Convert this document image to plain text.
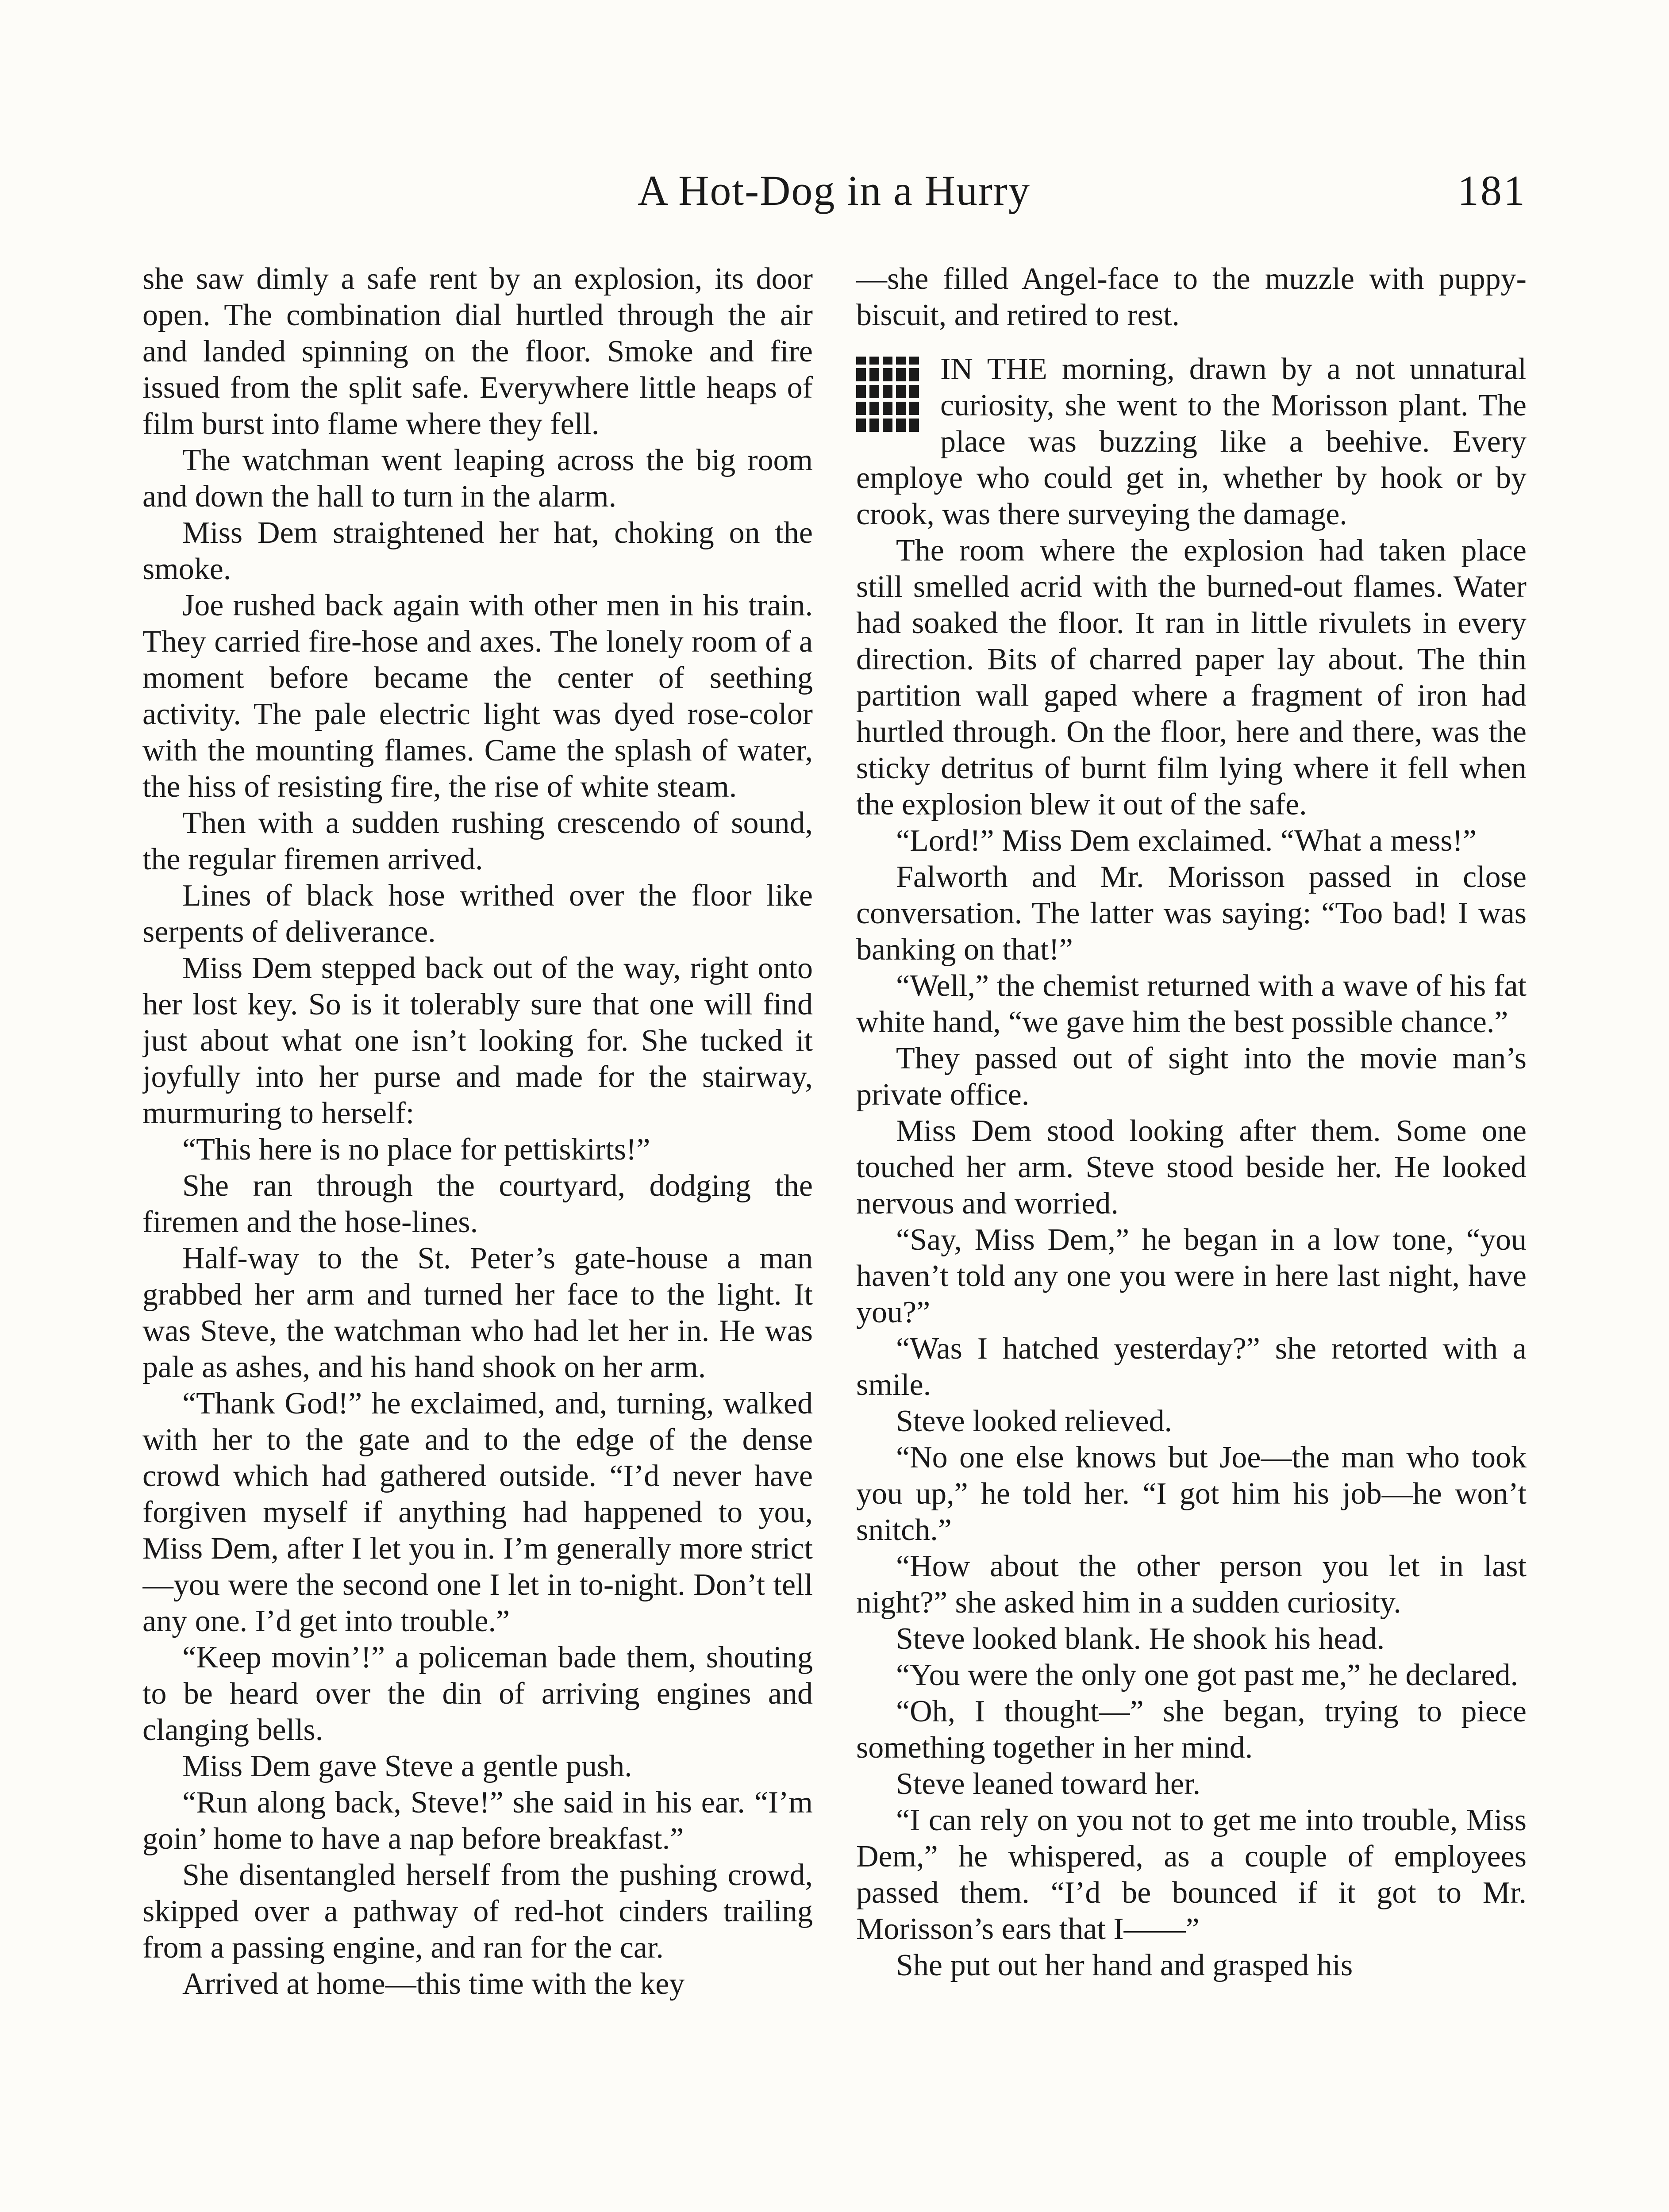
A Hot-Dog in a Hurry	181

she saw dimly a safe rent by an explosion, its door open. The combination dial hurtled through the air and landed spinning on the floor. Smoke and fire issued from the split safe. Everywhere little heaps of film burst into flame where they fell.

The watchman went leaping across the big room and down the hall to turn in the alarm.

Miss Dem straightened her hat, choking on the smoke.

Joe rushed back again with other men in his train. They carried fire-hose and axes. The lonely room of a moment before became the center of seething activity. The pale electric light was dyed rose-color with the mounting flames. Came the splash of water, the hiss of resisting fire, the rise of white steam.

Then with a sudden rushing crescendo of sound, the regular firemen arrived.

Lines of black hose writhed over the floor like serpents of deliverance.

Miss Dem stepped back out of the way, right onto her lost key. So is it tolerably sure that one will find just about what one isn’t looking for. She tucked it joyfully into her purse and made for the stairway, murmuring to herself:

“This here is no place for pettiskirts!”

She ran through the courtyard, dodging the firemen and the hose-lines.

Half-way to the St. Peter’s gate-house a man grabbed her arm and turned her face to the light. It was Steve, the watchman who had let her in. He was pale as ashes, and his hand shook on her arm.

“Thank God!” he exclaimed, and, turning, walked with her to the gate and to the edge of the dense crowd which had gathered outside. “I’d never have forgiven myself if anything had happened to you, Miss Dem, after I let you in. I’m generally more strict —you were the second one I let in to-night. Don’t tell any one. I’d get into trouble.”

“Keep movin’!” a policeman bade them, shouting to be heard over the din of arriving engines and clanging bells.

Miss Dem gave Steve a gentle push.

“Run along back, Steve!” she said in his ear. “I’m goin’ home to have a nap before breakfast.”

She disentangled herself from the pushing crowd, skipped over a pathway of red-hot cinders trailing from a passing engine, and ran for the car.

Arrived at home—this time with the key

—she filled Angel-face to the muzzle with puppy-biscuit, and retired to rest.

IN THE morning, drawn by a not unnatural curiosity, she went to the Morisson plant. The place was buzzing like a beehive. Every employe who could get in, whether by hook or by crook, was there surveying the damage.

The room where the explosion had taken place still smelled acrid with the burned-out flames. Water had soaked the floor. It ran in little rivulets in every direction. Bits of charred paper lay about. The thin partition wall gaped where a fragment of iron had hurtled through. On the floor, here and there, was the sticky detritus of burnt film lying where it fell when the explosion blew it out of the safe.

“Lord!” Miss Dem exclaimed. “What a mess!”

Falworth and Mr. Morisson passed in close conversation. The latter was saying: “Too bad! I was banking on that!”

“Well,” the chemist returned with a wave of his fat white hand, “we gave him the best possible chance.”

They passed out of sight into the movie man’s private office.

Miss Dem stood looking after them. Some one touched her arm. Steve stood beside her. He looked nervous and worried.

“Say, Miss Dem,” he began in a low tone, “you haven’t told any one you were in here last night, have you?”

“Was I hatched yesterday?” she retorted with a smile.

Steve looked relieved.

“No one else knows but Joe—the man who took you up,” he told her. “I got him his job—he won’t snitch.”

“How about the other person you let in last night?” she asked him in a sudden curiosity.

Steve looked blank. He shook his head.

“You were the only one got past me,” he declared.

“Oh, I thought—” she began, trying to piece something together in her mind.

Steve leaned toward her.

“I can rely on you not to get me into trouble, Miss Dem,” he whispered, as a couple of employees passed them. “I’d be bounced if it got to Mr. Morisson’s ears that I——”

She put out her hand and grasped his
